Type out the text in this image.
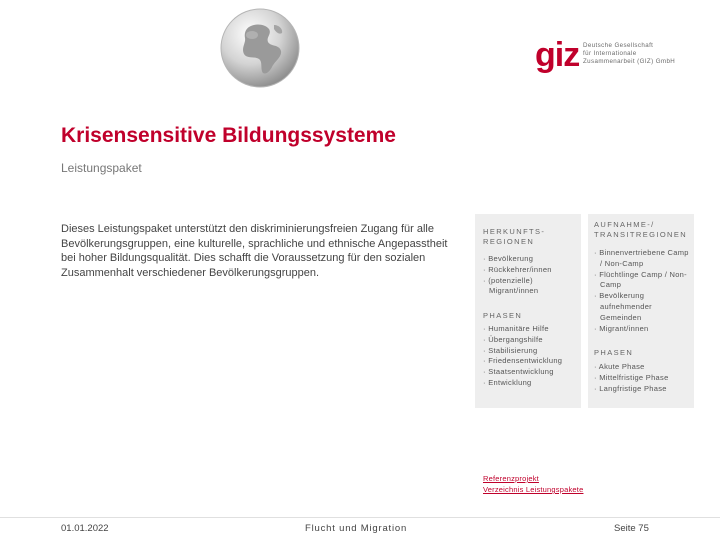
giz Deutsche Gesellschaft
für Internationale
Zusammenarbeit (GIZ) GmbH
Krisensensitive Bildungssysteme
Leistungspaket
Dieses Leistungspaket unterstützt den diskriminierungsfreien Zugang für alle Bevölkerungsgruppen, eine kulturelle, sprachliche und ethnische Angepasstheit bei hoher Bildungsqualität. Dies schafft die Voraussetzung für den sozialen Zusammenhalt verschiedener Bevölkerungsgruppen.
HERKUNFTS-REGIONEN
· Bevölkerung
· Rückkehrer/innen
· (potenzielle) Migrant/innen
PHASEN
· Humanitäre Hilfe
· Übergangshilfe
· Stabilisierung
· Friedensentwicklung
· Staatsentwicklung
· Entwicklung
AUFNAHME-/ TRANSITREGIONEN
· Binnenvertriebene Camp / Non-Camp
· Flüchtlinge Camp / Non-Camp
· Bevölkerung aufnehmender Gemeinden
· Migrant/innen
PHASEN
· Akute Phase
· Mittelfristige Phase
· Langfristige Phase
Referenzprojekt
Verzeichnis Leistungspakete
01.01.2022	Flucht und Migration	Seite 75
